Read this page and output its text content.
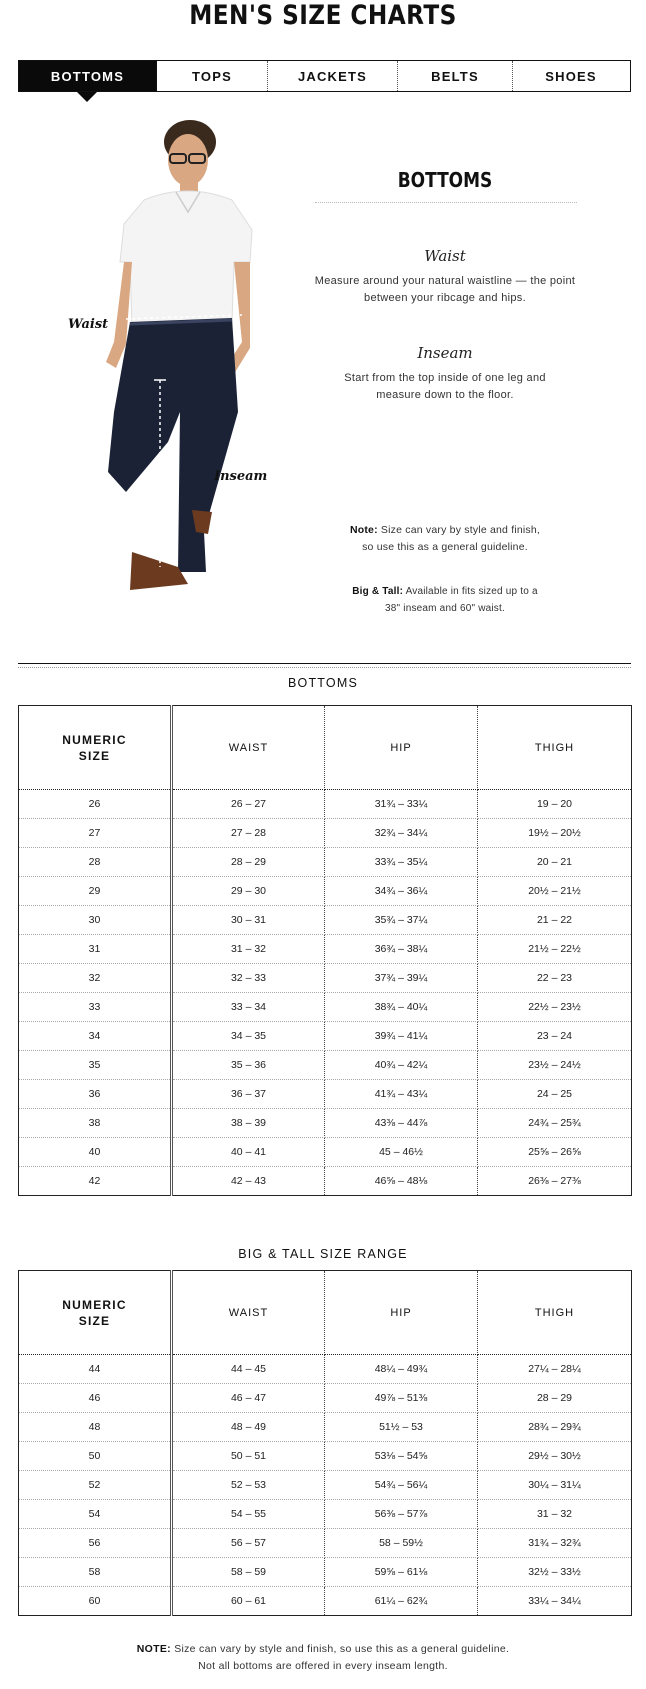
MEN'S SIZE CHARTS
BOTTOMS	TOPS	JACKETS	BELTS	SHOES
Waist
Inseam
BOTTOMS
Waist
Measure around your natural waistline — the point
between your ribcage and hips.
Inseam
Start from the top inside of one leg and
measure down to the floor.
Note: Size can vary by style and finish,
so use this as a general guideline.
Big & Tall: Available in fits sized up to a
38" inseam and 60" waist.
BOTTOMS
NUMERIC
SIZE	WAIST	HIP	THIGH
26	26 – 27	31¾ – 33¼	19 – 20
27	27 – 28	32¾ – 34¼	19½ – 20½
28	28 – 29	33¾ – 35¼	20 – 21
29	29 – 30	34¾ – 36¼	20½ – 21½
30	30 – 31	35¾ – 37¼	21 – 22
31	31 – 32	36¾ – 38¼	21½ – 22½
32	32 – 33	37¾ – 39¼	22 – 23
33	33 – 34	38¾ – 40¼	22½ – 23½
34	34 – 35	39¾ – 41¼	23 – 24
35	35 – 36	40¾ – 42¼	23½ – 24½
36	36 – 37	41¾ – 43¼	24 – 25
38	38 – 39	43⅜ – 44⅞	24¾ – 25¾
40	40 – 41	45 – 46½	25⅝ – 26⅝
42	42 – 43	46⅝ – 48⅛	26⅜ – 27⅜
BIG & TALL SIZE RANGE
NUMERIC
SIZE	WAIST	HIP	THIGH
44	44 – 45	48¼ – 49¾	27¼ – 28¼
46	46 – 47	49⅞ – 51⅜	28 – 29
48	48 – 49	51½ – 53	28¾ – 29¾
50	50 – 51	53⅛ – 54⅝	29½ – 30½
52	52 – 53	54¾ – 56¼	30¼ – 31¼
54	54 – 55	56⅜ – 57⅞	31 – 32
56	56 – 57	58 – 59½	31¾ – 32¾
58	58 – 59	59⅝ – 61⅛	32½ – 33½
60	60 – 61	61¼ – 62¾	33¼ – 34¼
NOTE: Size can vary by style and finish, so use this as a general guideline.
Not all bottoms are offered in every inseam length.
